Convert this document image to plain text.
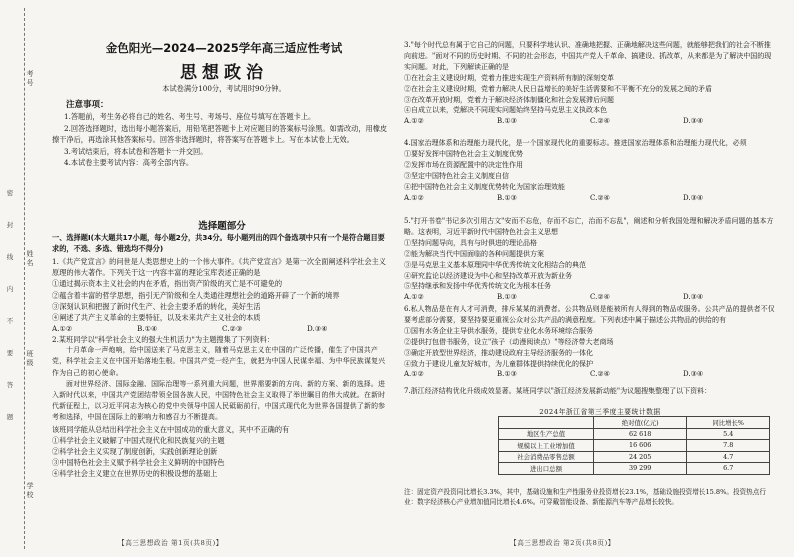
考号
姓名
班级
学校
密
封
线
内
不
要
答
题
金色阳光—2024—2025学年高三适应性考试
思想政治
本试卷满分100分，考试用时90分钟。
注意事项：
1.答题前，考生务必将自己的姓名、考生号、考场号、座位号填写在答题卡上。
2.回答选择题时，选出每小题答案后，用铅笔把答题卡上对应题目的答案标号涂黑。如需改动，用橡皮擦干净后，再选涂其他答案标号。回答非选择题时，将答案写在答题卡上。写在本试卷上无效。
3.考试结束后，将本试卷和答题卡一并交回。
4.本试卷主要考试内容：高考全部内容。
选择题部分
一、选择题Ⅰ(本大题共17小题，每小题2分，共34分。每小题列出的四个备选项中只有一个是符合题目要求的，不选、多选、错选均不得分)
1.《共产党宣言》的问世是人类思想史上的一个伟大事件。《共产党宣言》是第一次全面阐述科学社会主义原理的伟大著作。下列关于这一内容丰富的理论宝库表述正确的是
①通过揭示资本主义社会的内在矛盾，指出资产阶级的灭亡是不可避免的
②蕴含着丰富的哲学思想，指引无产阶级和全人类通往理想社会的道路开辟了一个新的境界
③深刻认识和把握了新时代生产、社会主要矛盾的转化，美好生活
④阐述了共产主义革命的主要特征，以及未来共产主义社会的本质
A.①②	B.①④	C.②③	D.③④
2.某班同学以"科学社会主义的强大生机活力"为主题搜集了下列资料：
十月革命一声炮响，给中国送来了马克思主义，随着马克思主义在中国的广泛传播，催生了中国共产党，科学社会主义在中国开始落地生根。中国共产党一经产生，就把为中国人民谋幸福、为中华民族谋复兴作为自己的初心使命。
面对世界经济、国际金融、国际治理等一系列重大问题，世界需要新的方向、新的方案、新的选择。进入新时代以来，中国共产党团结带领全国各族人民，中国特色社会主义取得了举世瞩目的伟大成就。在新时代新征程上，以习近平同志为核心的党中央领导中国人民砥砺前行，中国式现代化为世界各国提供了新的参考和选择，中国在国际上的影响力和感召力不断提高。
该班同学能从总结出科学社会主义在中国成功的重大意义，其中不正确的有
①科学社会主义破解了中国式现代化和民族复兴的主题
②科学社会主义实现了制度创新，实践创新理论创新
③中国特色社会主义赋予科学社会主义鲜明的中国特色
④科学社会主义建立在世界历史的积极设想的基础上
3."每个时代总有属于它自己的问题，只要科学地认识、准确地把握、正确地解决这些问题，就能够把我们的社会不断推向前进。"面对不同的历史时期、不同的社会形态，中国共产党人千革命、搞建设、抓改革，从来都是为了解决中国的现实问题。对此，下列解读正确的是
①在社会主义建设时期，党着力推进实现生产资料所有制的深刻变革
②在社会主义建设时期，党着力解决人民日益增长的美好生活需要和不平衡不充分的发展之间的矛盾
③在改革开放时期，党着力于解决经济体制僵化和社会发展滞后问题
④自成立以来，党解决不同现实问题始终坚持马克思主义执政本色
A.①②	B.①③	C.②④	D.③④
4.国家治理体系和治理能力现代化，是一个国家现代化的重要标志。推进国家治理体系和治理能力现代化，必须
①要好发挥中国特色社会主义制度优势
②发挥市场在资源配置中的决定性作用
③坚定中国特色社会主义制度自信
④把中国特色社会主义制度优势转化为国家治理效能
A.①②	B.①③	C.②④	D.③④
5."打开书卷"书记多次引用古文"安而不忘危，存而不忘亡，治而不忘乱"，阐述和分析我国处理和解决矛盾问题的基本方略。这表明，习近平新时代中国特色社会主义思想
①坚持问题导向，具有与时俱进的理论品格
②能为解决当代中国面临的各种问题提供方案
③是马克思主义基本原理同中华优秀传统文化相结合的典范
④研究监论以经济建设为中心和坚持改革开放为新业务
⑤坚持继承和发扬中华优秀传统文化为根本任务
A.①②	B.①③	C.②④	D.③④
6.私人物品是在有人才可消费，排斥某某的消费者。公共物品则是能被所有人得到的物品或服务。公共产品的提供者不仅要考虑部分需要，要坚持要更重视公众对公共产品的满意程度。下列表述中属于描述公共物品的供给的有
①国有水务企业主导供水服务，提供专业化水务环境综合服务
②提供打包借书服务，设立"孩子（动漫阅读点）"等经济带大老商场
③确定开放型世界经济，推动建设政府主导经济服务的一体化
④致力于建设儿童友好城市，为儿童群体提供持续优化的保护
A.①②	B.①③	C.②④	D.③④
7.浙江经济结构优化升级成效显著。某班同学以"浙江经济发展新动能"为议题搜集整理了以下资料：
2024年浙江省第三季度主要统计数据
	绝对值(亿元)	同比增长%
地区生产总值	62 618	5.4
规模以上工业增加值	16 606	7.8
社会消费品零售总额	24 205	4.7
进出口总额	39 299	6.7
注：固定资产投资同比增长3.3%，其中，基础设施和生产性服务业投资增长23.1%，基础设施投资增长15.8%。投资热点行业：数字经济核心产业增加值同比增长4.6%。可穿戴智能设备、新能源汽车等产品增长较快。
【高三思想政治 第1页(共8页)】	【高三思想政治 第2页(共8页)】
